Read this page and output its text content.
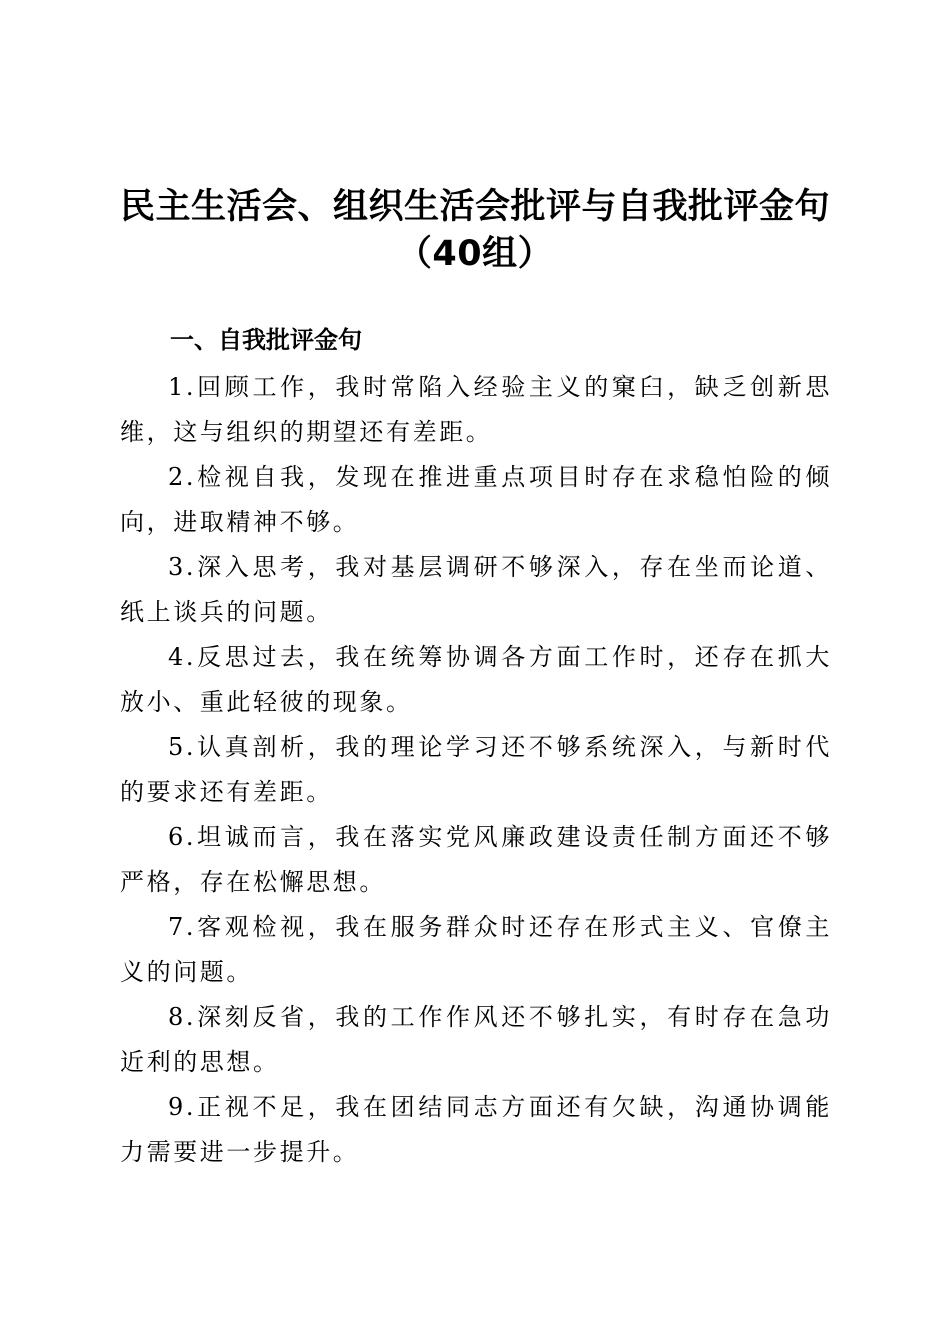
民主生活会、组织生活会批评与自我批评金句
（40组）
一、自我批评金句

1.回顾工作，我时常陷入经验主义的窠臼，缺乏创新思维，这与组织的期望还有差距。

2.检视自我，发现在推进重点项目时存在求稳怕险的倾向，进取精神不够。

3.深入思考，我对基层调研不够深入，存在坐而论道、纸上谈兵的问题。

4.反思过去，我在统筹协调各方面工作时，还存在抓大放小、重此轻彼的现象。

5.认真剖析，我的理论学习还不够系统深入，与新时代的要求还有差距。

6.坦诚而言，我在落实党风廉政建设责任制方面还不够严格，存在松懈思想。

7.客观检视，我在服务群众时还存在形式主义、官僚主义的问题。

8.深刻反省，我的工作作风还不够扎实，有时存在急功近利的思想。

9.正视不足，我在团结同志方面还有欠缺，沟通协调能力需要进一步提升。
